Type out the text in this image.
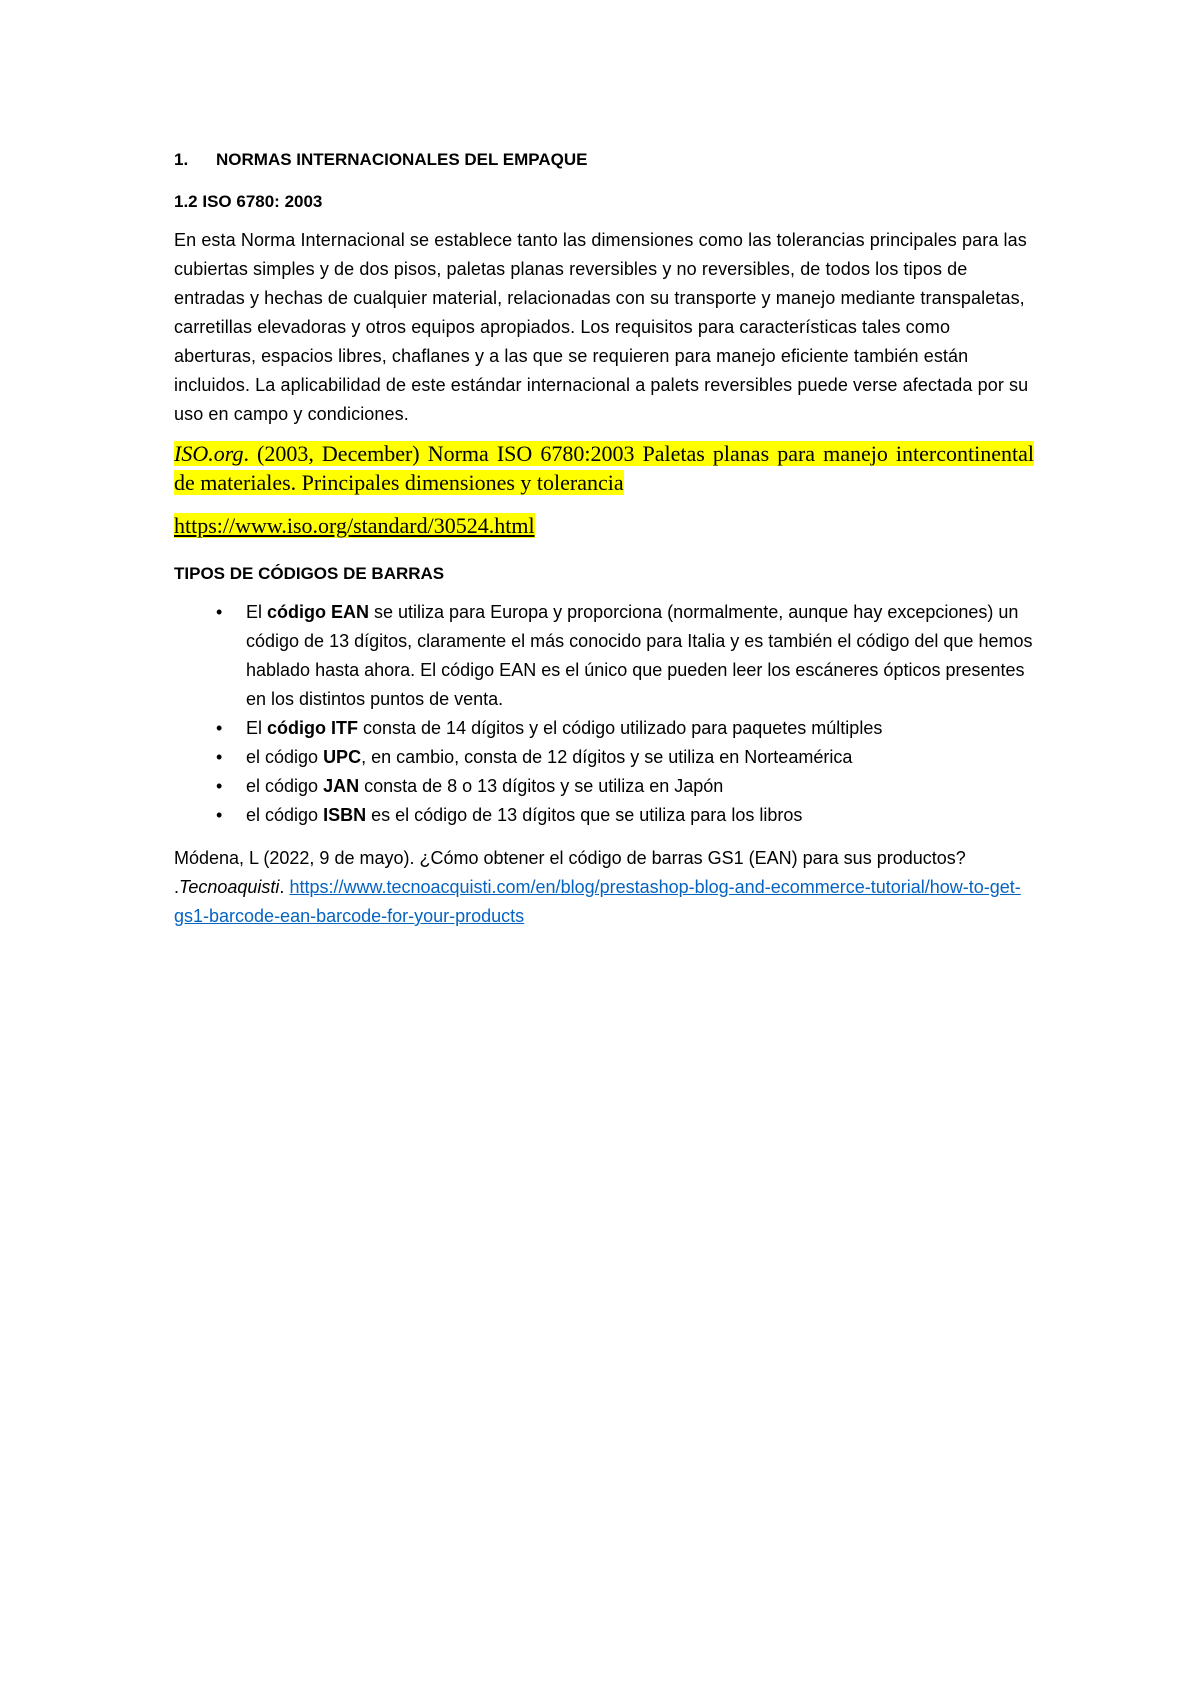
1.	NORMAS INTERNACIONALES DEL EMPAQUE
1.2 ISO 6780: 2003

En esta Norma Internacional se establece tanto las dimensiones como las tolerancias principales para las cubiertas simples y de dos pisos, paletas planas reversibles y no reversibles, de todos los tipos de entradas y hechas de cualquier material, relacionadas con su transporte y manejo mediante transpaletas, carretillas elevadoras y otros equipos apropiados. Los requisitos para características tales como aberturas, espacios libres, chaflanes y a las que se requieren para manejo eficiente también están incluidos. La aplicabilidad de este estándar internacional a palets reversibles puede verse afectada por su uso en campo y condiciones.

ISO.org. (2003, December) Norma ISO 6780:2003 Paletas planas para manejo intercontinental de materiales. Principales dimensiones y tolerancia

https://www.iso.org/standard/30524.html

TIPOS DE CÓDIGOS DE BARRAS
• El código EAN se utiliza para Europa y proporciona (normalmente, aunque hay excepciones) un código de 13 dígitos, claramente el más conocido para Italia y es también el código del que hemos hablado hasta ahora. El código EAN es el único que pueden leer los escáneres ópticos presentes en los distintos puntos de venta.
• El código ITF consta de 14 dígitos y el código utilizado para paquetes múltiples
• el código UPC, en cambio, consta de 12 dígitos y se utiliza en Norteamérica
• el código JAN consta de 8 o 13 dígitos y se utiliza en Japón
• el código ISBN es el código de 13 dígitos que se utiliza para los libros

Módena, L (2022, 9 de mayo). ¿Cómo obtener el código de barras GS1 (EAN) para sus productos? .Tecnoaquisti. https://www.tecnoacquisti.com/en/blog/prestashop-blog-and-ecommerce-tutorial/how-to-get-gs1-barcode-ean-barcode-for-your-products
